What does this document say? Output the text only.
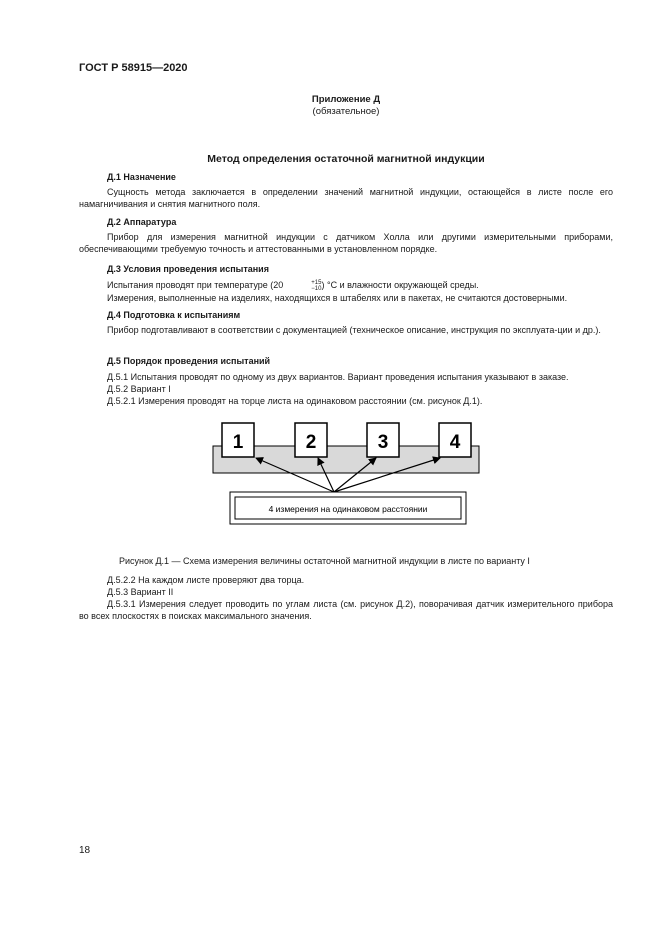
ГОСТ Р 58915—2020
Приложение Д
(обязательное)
Метод определения остаточной магнитной индукции
Д.1 Назначение
Сущность метода заключается в определении значений магнитной индукции, остающейся в листе после его намагничивания и снятия магнитного поля.
Д.2 Аппаратура
Прибор для измерения магнитной индукции с датчиком Холла или другими измерительными приборами, обеспечивающими требуемую точность и аттестованными в установленном порядке.
Д.3 Условия проведения испытания
Испытания проводят при температуре (20	+15
−10 ) °С и влажности окружающей среды.
Измерения, выполненные на изделиях, находящихся в штабелях или в пакетах, не считаются достоверными.
Д.4 Подготовка к испытаниям
Прибор подготавливают в соответствии с документацией (техническое описание, инструкция по эксплуата-ции и др.).
Д.5 Порядок проведения испытаний
Д.5.1 Испытания проводят по одному из двух вариантов. Вариант проведения испытания указывают в заказе.
Д.5.2 Вариант I
Д.5.2.1 Измерения проводят на торце листа на одинаковом расстоянии (см. рисунок Д.1).
1	2	3	4
4 измерения на одинаковом расстоянии
Рисунок Д.1 — Схема измерения величины остаточной магнитной индукции в листе по варианту I
Д.5.2.2 На каждом листе проверяют два торца.
Д.5.3 Вариант II
Д.5.3.1 Измерения следует проводить по углам листа (см. рисунок Д.2), поворачивая датчик измерительного прибора во всех плоскостях в поисках максимального значения.
18
